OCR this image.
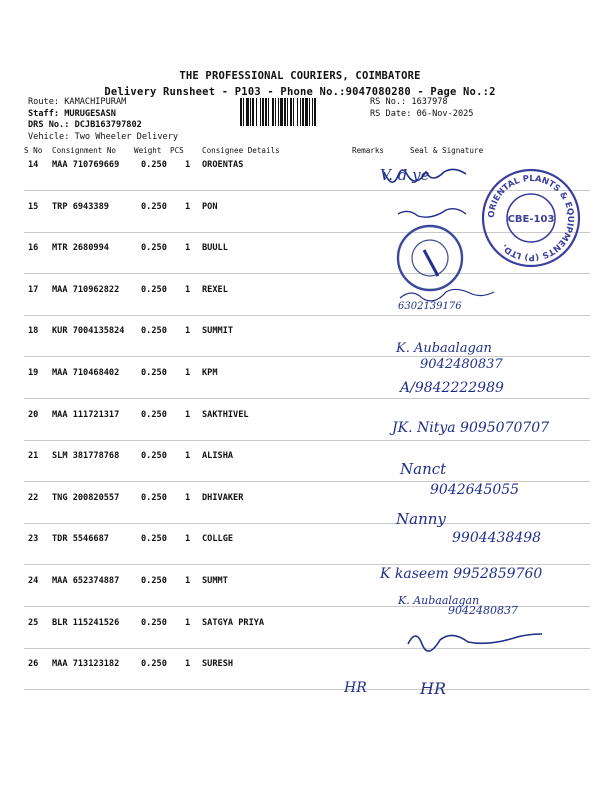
THE PROFESSIONAL COURIERS, COIMBATORE
Delivery Runsheet - P103 - Phone No.:9047080280 - Page No.:2
Route: KAMACHIPURAM
Staff: MURUGESASN
DRS No.: DCJB163797802
Vehicle: Two Wheeler Delivery
RS No.: 1637978
RS Date: 06-Nov-2025
S No Consignment No Weight PCS Consignee Details	Remarks	Seal & Signature
14 MAA 710769669	0.250 1 OROENTAS
15 TRP 6943389	0.250 1 PON
16 MTR 2680994	0.250 1 BUULL
17 MAA 710962822	0.250 1 REXEL
18 KUR 7004135824 0.250 1 SUMMIT
19 MAA 710468402	0.250 1 KPM
20 MAA 111721317	0.250 1 SAKTHIVEL
21 SLM 381778768	0.250 1 ALISHA
22 TNG 200820557	0.250 1 DHIVAKER
23 TDR 5546687	0.250 1 COLLGE
24 MAA 652374887	0.250 1 SUMMT
25 BLR 115241526	0.250 1 SATGYA PRIYA
26 MAA 713123182	0.250 1 SURESH
ORIENTAL PLANTS & EQUIPMENTS (P) LTD.
CBE-103
V. d ye
6302139176
K. Aubaalagan
9042480837
A/9842222989
JK. Nitya 9095070707
Nanct
9042645055
Nanny
9904438498
K kaseem 9952859760
K. Aubaalagan
9042480837
HR	HR
